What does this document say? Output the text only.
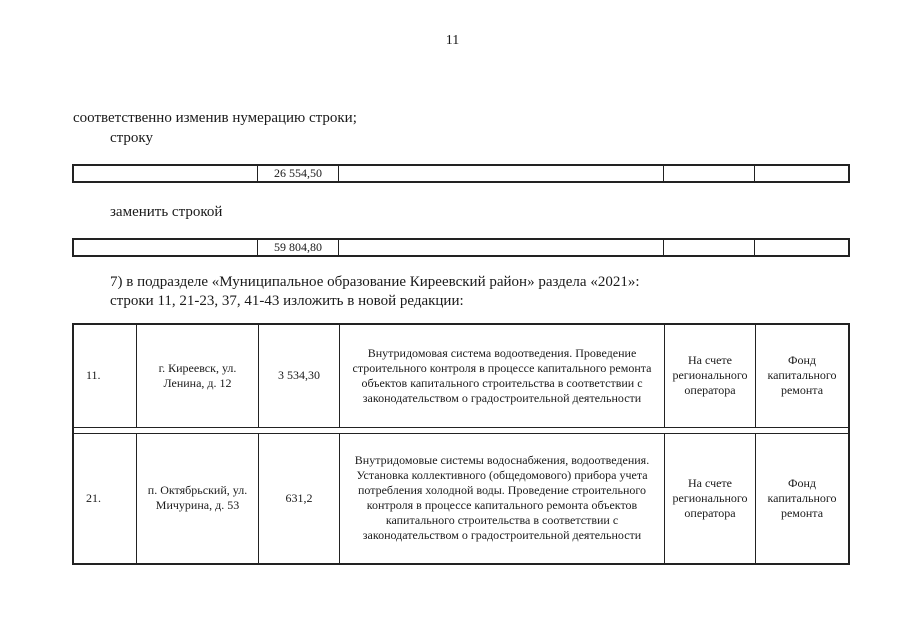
11
соответственно изменив нумерацию строки;
строку
	26 554,50			
заменить строкой
	59 804,80			
7) в подразделе «Муниципальное образование Киреевский район» раздела «2021»:
строки 11, 21-23, 37, 41-43 изложить в новой редакции:
11.	г. Киреевск, ул. Ленина, д. 12	3 534,30	Внутридомовая система водоотведения. Проведение строительного контроля в процессе капитального ремонта объектов капитального строительства в соответствии с законодательством о градостроительной деятельности	На счете регионального оператора	Фонд капитального ремонта

21.	п. Октябрьский, ул. Мичурина, д. 53	631,2	Внутридомовые системы водоснабжения, водоотведения. Установка коллективного (общедомового) прибора учета потребления холодной воды. Проведение строительного контроля в процессе капитального ремонта объектов капитального строительства в соответствии с законодательством о градостроительной деятельности	На счете регионального оператора	Фонд капитального ремонта
